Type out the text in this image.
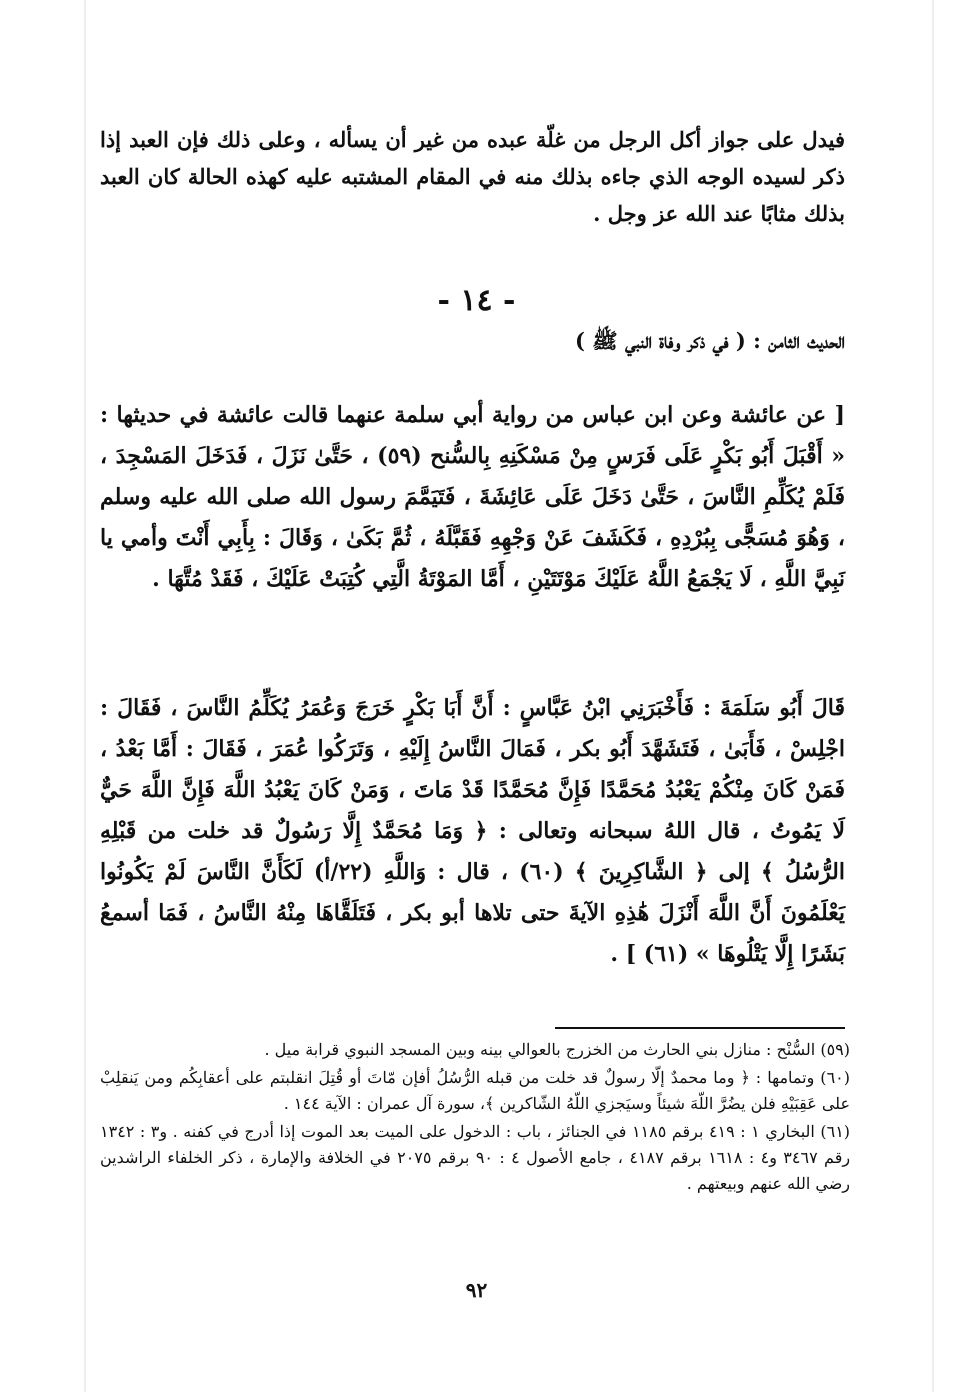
فيدل على جواز أكل الرجل من غلّة عبده من غير أن يسأله ، وعلى ذلك فإن العبد إذا ذكر لسيده الوجه الذي جاءه بذلك منه في المقام المشتبه عليه كهذه الحالة كان العبد بذلك مثابًا عند الله عز وجل .
- ١٤ -
الحديث الثامن : ( في ذكر وفاة النبي ﷺ )
[ عن عائشة وعن ابن عباس من رواية أبي سلمة عنهما قالت عائشة في حديثها : « أَقْبَلَ أَبُو بَكْرٍ عَلَى فَرَسٍ مِنْ مَسْكَنِهِ بِالسُّنح (٥٩) ، حَتَّىٰ نَزَلَ ، فَدَخَلَ المَسْجِدَ ، فَلَمْ يُكَلِّمِ النَّاسَ ، حَتَّىٰ دَخَلَ عَلَى عَائِشَةَ ، فَتَيَمَّمَ رسول الله صلى الله عليه وسلم ، وَهُوَ مُسَجًّى بِبُرْدِهِ ، فَكَشَفَ عَنْ وَجْهِهِ فَقَبَّلَهُ ، ثُمَّ بَكَىٰ ، وَقَالَ : بِأَبِي أَنْتَ وأمي يا نَبِيَّ اللَّهِ ، لَا يَجْمَعُ اللَّهُ عَلَيْكَ مَوْتَتَيْنِ ، أَمَّا المَوْتَةُ الَّتِي كُتِبَتْ عَلَيْكَ ، فَقَدْ مُتَّهَا .
قَالَ أَبُو سَلَمَةَ : فَأَخْبَرَنِي ابْنُ عَبَّاسٍ : أَنَّ أَبَا بَكْرٍ خَرَجَ وَعُمَرُ يُكَلِّمُ النَّاسَ ، فَقَالَ : اجْلِسْ ، فَأَبَىٰ ، فَتَشَهَّدَ أَبُو بكر ، فَمَالَ النَّاسُ إِلَيْهِ ، وَتَرَكُوا عُمَرَ ، فَقَالَ : أَمَّا بَعْدُ ، فَمَنْ كَانَ مِنْكُمْ يَعْبُدُ مُحَمَّدًا فَإِنَّ مُحَمَّدًا قَدْ مَاتَ ، وَمَنْ كَانَ يَعْبُدُ اللَّهَ فَإِنَّ اللَّهَ حَيٌّ لَا يَمُوتُ ، قال اللهُ سبحانه وتعالى : ﴿ وَمَا مُحَمَّدٌ إِلَّا رَسُولٌ قد خلت من قَبْلِهِ الرُّسُلُ ﴾ إلى ﴿ الشَّاكِرِينَ ﴾ (٦٠) ، قال : وَاللَّهِ (٢٢/أ) لَكَأَنَّ النَّاسَ لَمْ يَكُونُوا يَعْلَمُونَ أَنَّ اللَّهَ أَنْزَلَ هَٰذِهِ الآيةَ حتى تلاها أبو بكر ، فَتَلَقَّاهَا مِنْهُ النَّاسُ ، فَمَا أسمعُ بَشَرًا إِلَّا يَتْلُوهَا » (٦١) ] .

(٥٩) السُّنْح : منازل بني الحارث من الخزرج بالعوالي بينه وبين المسجد النبوي قرابة ميل .

(٦٠) وتمامها : ﴿ وما محمدٌ إلّا رسولٌ قد خلت من قبله الرُّسُلُ أفإن مّاتَ أو قُتِلَ انقلبتم على أعقابِكُم ومن يَنقلِبْ على عَقِبَيْهِ فلن يضُرَّ اللّهَ شيئاً وسيَجزي اللّهُ الشّاكرين ﴾، سورة آل عمران : الآية ١٤٤ .

(٦١) البخاري ١ : ٤١٩ برقم ١١٨٥ في الجنائز ، باب : الدخول على الميت بعد الموت إذا أدرج في كفنه . و٣ : ١٣٤٢ رقم ٣٤٦٧ و٤ : ١٦١٨ برقم ٤١٨٧ ، جامع الأصول ٤ : ٩٠ برقم ٢٠٧٥ في الخلافة والإمارة ، ذكر الخلفاء الراشدين رضي الله عنهم وبيعتهم .

٩٢
